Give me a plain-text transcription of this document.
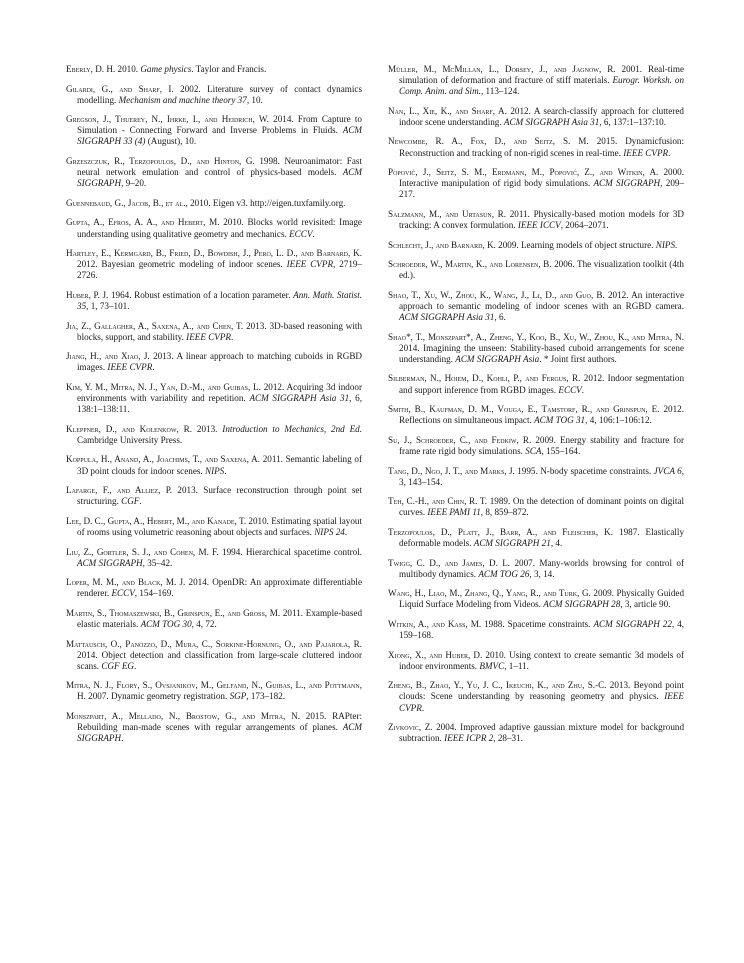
Eberly, D. H. 2010. Game physics. Taylor and Francis.

Gilardi, G., and Sharf, I. 2002. Literature survey of contact dynamics modelling. Mechanism and machine theory 37, 10.

Gregson, J., Thuerey, N., Ihrke, I., and Heidrich, W. 2014. From Capture to Simulation - Connecting Forward and Inverse Problems in Fluids. ACM SIGGRAPH 33 (4) (August), 10.

Grzeszczuk, R., Terzopoulos, D., and Hinton, G. 1998. Neuroanimator: Fast neural network emulation and control of physics-based models. ACM SIGGRAPH, 9–20.

Guennebaud, G., Jacob, B., et al., 2010. Eigen v3. http://eigen.tuxfamily.org.

Gupta, A., Efros, A. A., and Hebert, M. 2010. Blocks world revisited: Image understanding using qualitative geometry and mechanics. ECCV.

Hartley, E., Kermgard, B., Fried, D., Bowdish, J., Pero, L. D., and Barnard, K. 2012. Bayesian geometric modeling of indoor scenes. IEEE CVPR, 2719–2726.

Huber, P. J. 1964. Robust estimation of a location parameter. Ann. Math. Statist. 35, 1, 73–101.

Jia, Z., Gallagher, A., Saxena, A., and Chen, T. 2013. 3D-based reasoning with blocks, support, and stability. IEEE CVPR.

Jiang, H., and Xiao, J. 2013. A linear approach to matching cuboids in RGBD images. IEEE CVPR.

Kim, Y. M., Mitra, N. J., Yan, D.-M., and Guibas, L. 2012. Acquiring 3d indoor environments with variability and repetition. ACM SIGGRAPH Asia 31, 6, 138:1–138:11.

Kleppner, D., and Kolenkow, R. 2013. Introduction to Mechanics, 2nd Ed. Cambridge University Press.

Koppula, H., Anand, A., Joachims, T., and Saxena, A. 2011. Semantic labeling of 3D point clouds for indoor scenes. NIPS.

Lafarge, F., and Alliez, P. 2013. Surface reconstruction through point set structuring. CGF.

Lee, D. C., Gupta, A., Hebert, M., and Kanade, T. 2010. Estimating spatial layout of rooms using volumetric reasoning about objects and surfaces. NIPS 24.

Liu, Z., Gortler, S. J., and Cohen, M. F. 1994. Hierarchical spacetime control. ACM SIGGRAPH, 35–42.

Loper, M. M., and Black, M. J. 2014. OpenDR: An approximate differentiable renderer. ECCV, 154–169.

Martin, S., Thomaszewski, B., Grinspun, E., and Gross, M. 2011. Example-based elastic materials. ACM TOG 30, 4, 72.

Mattausch, O., Panozzo, D., Mura, C., Sorkine-Hornung, O., and Pajarola, R. 2014. Object detection and classification from large-scale cluttered indoor scans. CGF EG.

Mitra, N. J., Flory, S., Ovsjanikov, M., Gelfand, N., Guibas, L., and Pottmann, H. 2007. Dynamic geometry registration. SGP, 173–182.

Monszpart, A., Mellado, N., Brostow, G., and Mitra, N. 2015. RAPter: Rebuilding man-made scenes with regular arrangements of planes. ACM SIGGRAPH.

Müller, M., McMillan, L., Dorsey, J., and Jagnow, R. 2001. Real-time simulation of deformation and fracture of stiff materials. Eurogr. Worksh. on Comp. Anim. and Sim., 113–124.

Nan, L., Xie, K., and Sharf, A. 2012. A search-classify approach for cluttered indoor scene understanding. ACM SIGGRAPH Asia 31, 6, 137:1–137:10.

Newcombe, R. A., Fox, D., and Seitz, S. M. 2015. Dynamicfusion: Reconstruction and tracking of non-rigid scenes in real-time. IEEE CVPR.

Popović, J., Seitz, S. M., Erdmann, M., Popović, Z., and Witkin, A. 2000. Interactive manipulation of rigid body simulations. ACM SIGGRAPH, 209–217.

Salzmann, M., and Urtasun, R. 2011. Physically-based motion models for 3D tracking: A convex formulation. IEEE ICCV, 2064–2071.

Schlecht, J., and Barnard, K. 2009. Learning models of object structure. NIPS.

Schroeder, W., Martin, K., and Lorensen, B. 2006. The visualization toolkit (4th ed.).

Shao, T., Xu, W., Zhou, K., Wang, J., Li, D., and Guo, B. 2012. An interactive approach to semantic modeling of indoor scenes with an RGBD camera. ACM SIGGRAPH Asia 31, 6.

Shao*, T., Monszpart*, A., Zheng, Y., Koo, B., Xu, W., Zhou, K., and Mitra, N. 2014. Imagining the unseen: Stability-based cuboid arrangements for scene understanding. ACM SIGGRAPH Asia. * Joint first authors.

Silberman, N., Hoiem, D., Kohli, P., and Fergus, R. 2012. Indoor segmentation and support inference from RGBD images. ECCV.

Smith, B., Kaufman, D. M., Vouga, E., Tamstorf, R., and Grinspun, E. 2012. Reflections on simultaneous impact. ACM TOG 31, 4, 106:1–106:12.

Su, J., Schroeder, C., and Fedkiw, R. 2009. Energy stability and fracture for frame rate rigid body simulations. SCA, 155–164.

Tang, D., Ngo, J. T., and Marks, J. 1995. N-body spacetime constraints. JVCA 6, 3, 143–154.

Teh, C.-H., and Chin, R. T. 1989. On the detection of dominant points on digital curves. IEEE PAMI 11, 8, 859–872.

Terzopoulos, D., Platt, J., Barr, A., and Fleischer, K. 1987. Elastically deformable models. ACM SIGGRAPH 21, 4.

Twigg, C. D., and James, D. L. 2007. Many-worlds browsing for control of multibody dynamics. ACM TOG 26, 3, 14.

Wang, H., Liao, M., Zhang, Q., Yang, R., and Turk, G. 2009. Physically Guided Liquid Surface Modeling from Videos. ACM SIGGRAPH 28, 3, article 90.

Witkin, A., and Kass, M. 1988. Spacetime constraints. ACM SIGGRAPH 22, 4, 159–168.

Xiong, X., and Huber, D. 2010. Using context to create semantic 3d models of indoor environments. BMVC, 1–11.

Zheng, B., Zhao, Y., Yu, J. C., Ikeuchi, K., and Zhu, S.-C. 2013. Beyond point clouds: Scene understanding by reasoning geometry and physics. IEEE CVPR.

Zivkovic, Z. 2004. Improved adaptive gaussian mixture model for background subtraction. IEEE ICPR 2, 28–31.
